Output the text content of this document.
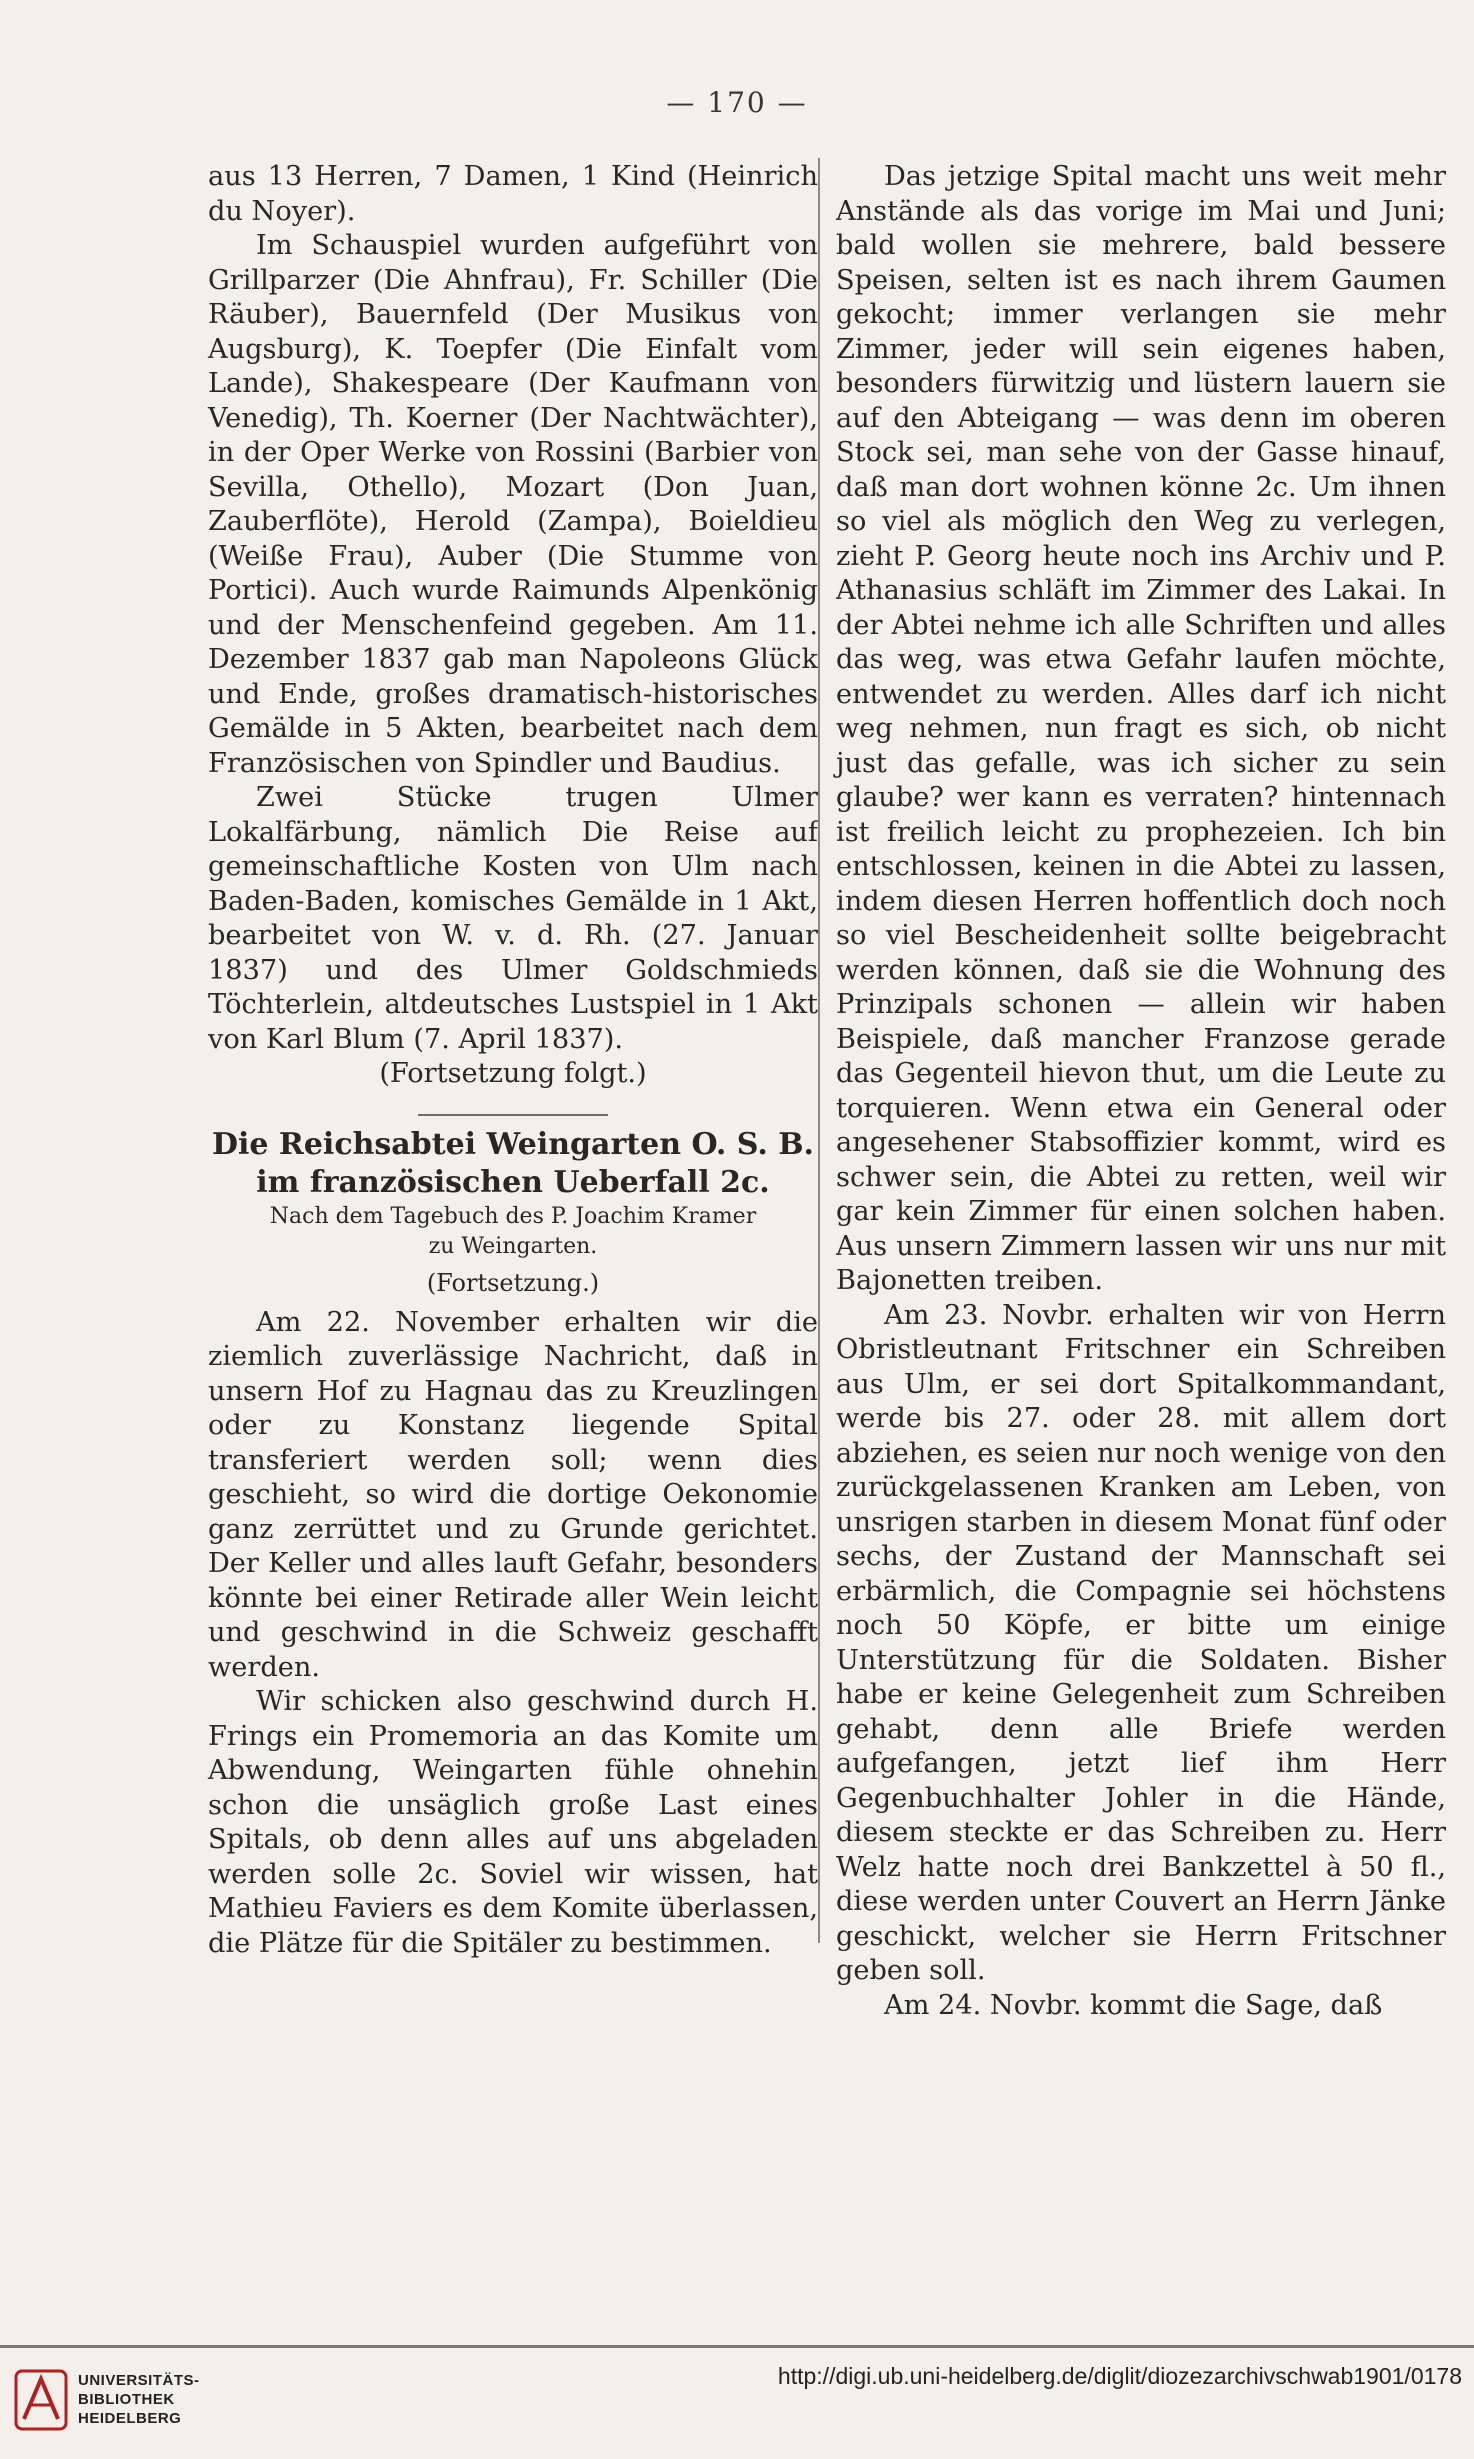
— 170 —

aus 13 Herren, 7 Damen, 1 Kind (Heinrich du Noyer).

Im Schauspiel wurden aufgeführt von Grillparzer (Die Ahnfrau), Fr. Schiller (Die Räuber), Bauernfeld (Der Musikus von Augsburg), K. Toepfer (Die Einfalt vom Lande), Shakespeare (Der Kaufmann von Venedig), Th. Koerner (Der Nachtwächter), in der Oper Werke von Rossini (Barbier von Sevilla, Othello), Mozart (Don Juan, Zauberflöte), Herold (Zampa), Boieldieu (Weiße Frau), Auber (Die Stumme von Portici). Auch wurde Raimunds Alpenkönig und der Menschenfeind gegeben. Am 11. Dezember 1837 gab man Napoleons Glück und Ende, großes dramatisch-historisches Gemälde in 5 Akten, bearbeitet nach dem Französischen von Spindler und Baudius.

Zwei Stücke trugen Ulmer Lokalfärbung, nämlich Die Reise auf gemeinschaftliche Kosten von Ulm nach Baden-Baden, komisches Gemälde in 1 Akt, bearbeitet von W. v. d. Rh. (27. Januar 1837) und des Ulmer Goldschmieds Töchterlein, altdeutsches Lustspiel in 1 Akt von Karl Blum (7. April 1837).

(Fortsetzung folgt.)

Die Reichsabtei Weingarten O. S. B.

im französischen Ueberfall 2c.

Nach dem Tagebuch des P. Joachim Kramer

zu Weingarten.

(Fortsetzung.)

Am 22. November erhalten wir die ziemlich zuverlässige Nachricht, daß in unsern Hof zu Hagnau das zu Kreuzlingen oder zu Konstanz liegende Spital transferiert werden soll; wenn dies geschieht, so wird die dortige Oekonomie ganz zerrüttet und zu Grunde gerichtet. Der Keller und alles lauft Gefahr, besonders könnte bei einer Retirade aller Wein leicht und geschwind in die Schweiz geschafft werden.

Wir schicken also geschwind durch H. Frings ein Promemoria an das Komite um Abwendung, Weingarten fühle ohnehin schon die unsäglich große Last eines Spitals, ob denn alles auf uns abgeladen werden solle 2c. Soviel wir wissen, hat Mathieu Faviers es dem Komite überlassen, die Plätze für die Spitäler zu bestimmen.

Das jetzige Spital macht uns weit mehr Anstände als das vorige im Mai und Juni; bald wollen sie mehrere, bald bessere Speisen, selten ist es nach ihrem Gaumen gekocht; immer verlangen sie mehr Zimmer, jeder will sein eigenes haben, besonders fürwitzig und lüstern lauern sie auf den Abteigang — was denn im oberen Stock sei, man sehe von der Gasse hinauf, daß man dort wohnen könne 2c. Um ihnen so viel als möglich den Weg zu verlegen, zieht P. Georg heute noch ins Archiv und P. Athanasius schläft im Zimmer des Lakai. In der Abtei nehme ich alle Schriften und alles das weg, was etwa Gefahr laufen möchte, entwendet zu werden. Alles darf ich nicht weg nehmen, nun fragt es sich, ob nicht just das gefalle, was ich sicher zu sein glaube? wer kann es verraten? hintennach ist freilich leicht zu prophezeien. Ich bin entschlossen, keinen in die Abtei zu lassen, indem diesen Herren hoffentlich doch noch so viel Bescheidenheit sollte beigebracht werden können, daß sie die Wohnung des Prinzipals schonen — allein wir haben Beispiele, daß mancher Franzose gerade das Gegenteil hievon thut, um die Leute zu torquieren. Wenn etwa ein General oder angesehener Stabsoffizier kommt, wird es schwer sein, die Abtei zu retten, weil wir gar kein Zimmer für einen solchen haben. Aus unsern Zimmern lassen wir uns nur mit Bajonetten treiben.

Am 23. Novbr. erhalten wir von Herrn Obristleutnant Fritschner ein Schreiben aus Ulm, er sei dort Spitalkommandant, werde bis 27. oder 28. mit allem dort abziehen, es seien nur noch wenige von den zurückgelassenen Kranken am Leben, von unsrigen starben in diesem Monat fünf oder sechs, der Zustand der Mannschaft sei erbärmlich, die Compagnie sei höchstens noch 50 Köpfe, er bitte um einige Unterstützung für die Soldaten. Bisher habe er keine Gelegenheit zum Schreiben gehabt, denn alle Briefe werden aufgefangen, jetzt lief ihm Herr Gegenbuchhalter Johler in die Hände, diesem steckte er das Schreiben zu. Herr Welz hatte noch drei Bankzettel à 50 fl., diese werden unter Couvert an Herrn Jänke geschickt, welcher sie Herrn Fritschner geben soll.

Am 24. Novbr. kommt die Sage, daß

UNIVERSITÄTS-
BIBLIOTHEK
HEIDELBERG
http://digi.ub.uni-heidelberg.de/diglit/diozezarchivschwab1901/0178
